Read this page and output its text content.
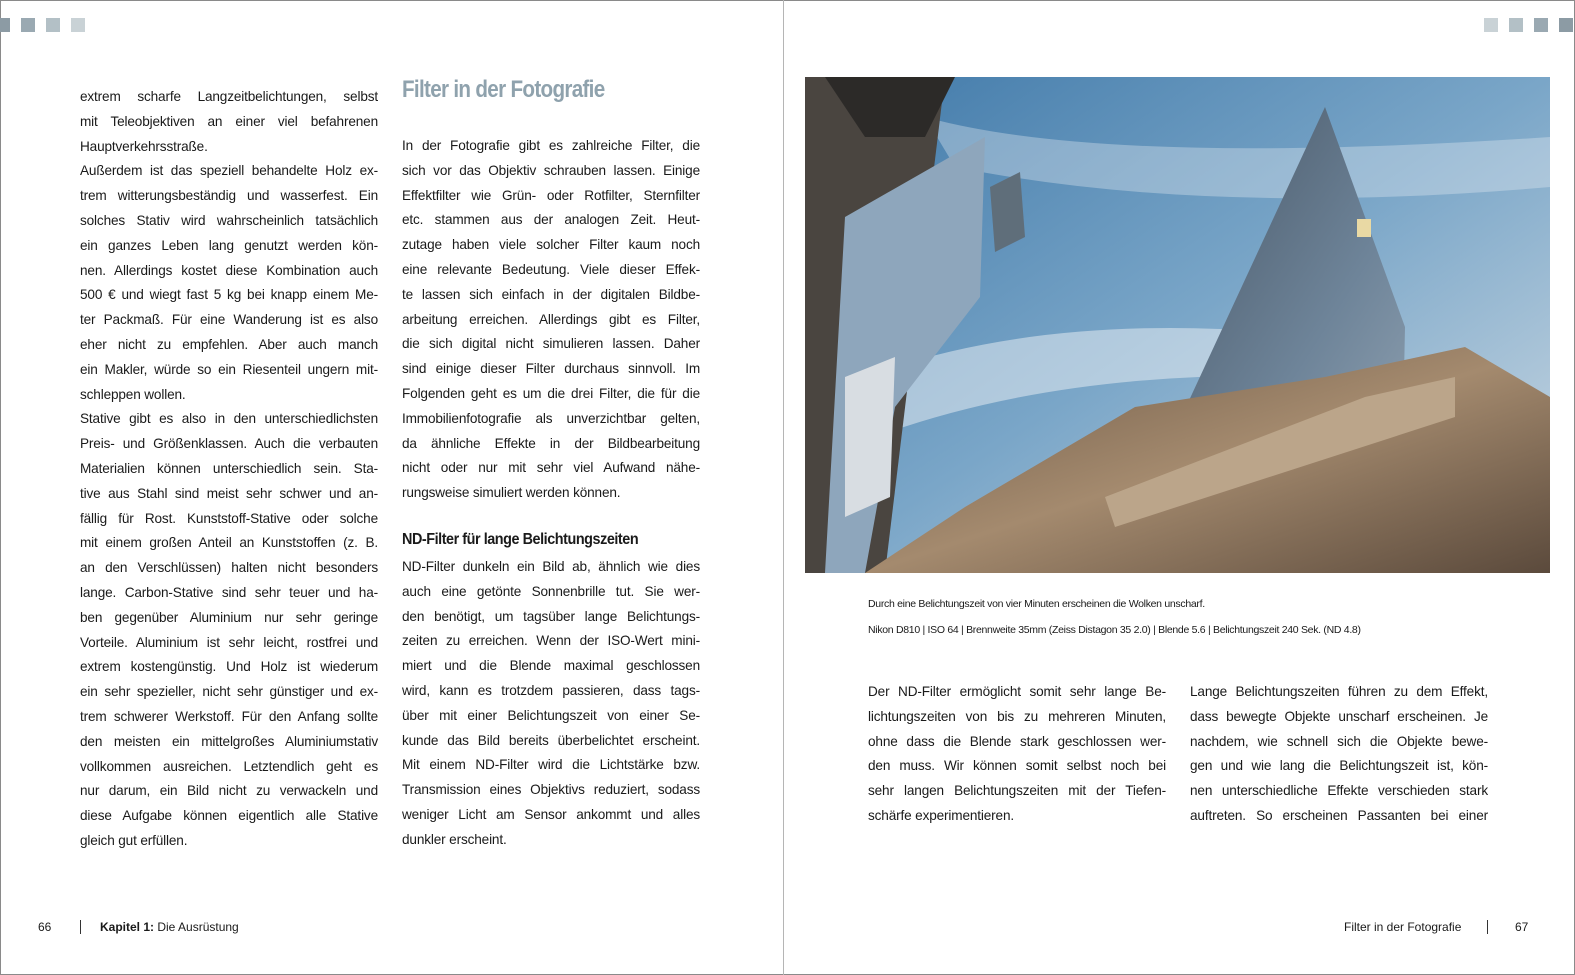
extrem scharfe Langzeitbelichtungen, selbst
mit Teleobjektiven an einer viel befahrenen
Hauptverkehrsstraße.
Außerdem ist das speziell behandelte Holz ex-
trem witterungsbeständig und wasserfest. Ein
solches Stativ wird wahrscheinlich tatsächlich
ein ganzes Leben lang genutzt werden kön-
nen. Allerdings kostet diese Kombination auch
500 € und wiegt fast 5 kg bei knapp einem Me-
ter Packmaß. Für eine Wanderung ist es also
eher nicht zu empfehlen. Aber auch manch
ein Makler, würde so ein Riesenteil ungern mit-
schleppen wollen.
Stative gibt es also in den unterschiedlichsten
Preis- und Größenklassen. Auch die verbauten
Materialien können unterschiedlich sein. Sta-
tive aus Stahl sind meist sehr schwer und an-
fällig für Rost. Kunststoff-Stative oder solche
mit einem großen Anteil an Kunststoffen (z. B.
an den Verschlüssen) halten nicht besonders
lange. Carbon-Stative sind sehr teuer und ha-
ben gegenüber Aluminium nur sehr geringe
Vorteile. Aluminium ist sehr leicht, rostfrei und
extrem kostengünstig. Und Holz ist wiederum
ein sehr spezieller, nicht sehr günstiger und ex-
trem schwerer Werkstoff. Für den Anfang sollte
den meisten ein mittelgroßes Aluminiumstativ
vollkommen ausreichen. Letztendlich geht es
nur darum, ein Bild nicht zu verwackeln und
diese Aufgabe können eigentlich alle Stative
gleich gut erfüllen.
Filter in der Fotografie
In der Fotografie gibt es zahlreiche Filter, die
sich vor das Objektiv schrauben lassen. Einige
Effektfilter wie Grün- oder Rotfilter, Sternfilter
etc. stammen aus der analogen Zeit. Heut-
zutage haben viele solcher Filter kaum noch
eine relevante Bedeutung. Viele dieser Effek-
te lassen sich einfach in der digitalen Bildbe-
arbeitung erreichen. Allerdings gibt es Filter,
die sich digital nicht simulieren lassen. Daher
sind einige dieser Filter durchaus sinnvoll. Im
Folgenden geht es um die drei Filter, die für die
Immobilienfotografie als unverzichtbar gelten,
da ähnliche Effekte in der Bildbearbeitung
nicht oder nur mit sehr viel Aufwand nähe-
rungsweise simuliert werden können.
ND-Filter für lange Belichtungszeiten
ND-Filter dunkeln ein Bild ab, ähnlich wie dies
auch eine getönte Sonnenbrille tut. Sie wer-
den benötigt, um tagsüber lange Belichtungs-
zeiten zu erreichen. Wenn der ISO-Wert mini-
miert und die Blende maximal geschlossen
wird, kann es trotzdem passieren, dass tags-
über mit einer Belichtungszeit von einer Se-
kunde das Bild bereits überbelichtet erscheint.
Mit einem ND-Filter wird die Lichtstärke bzw.
Transmission eines Objektivs reduziert, sodass
weniger Licht am Sensor ankommt und alles
dunkler erscheint.
66	Kapitel 1: Die Ausrüstung
Durch eine Belichtungszeit von vier Minuten erscheinen die Wolken unscharf.
Nikon D810 | ISO 64 | Brennweite 35mm (Zeiss Distagon 35 2.0) | Blende 5.6 | Belichtungszeit 240 Sek. (ND 4.8)
Der ND-Filter ermöglicht somit sehr lange Be-
lichtungszeiten von bis zu mehreren Minuten,
ohne dass die Blende stark geschlossen wer-
den muss. Wir können somit selbst noch bei
sehr langen Belichtungszeiten mit der Tiefen-
schärfe experimentieren.
Lange Belichtungszeiten führen zu dem Effekt,
dass bewegte Objekte unscharf erscheinen. Je
nachdem, wie schnell sich die Objekte bewe-
gen und wie lang die Belichtungszeit ist, kön-
nen unterschiedliche Effekte verschieden stark
auftreten. So erscheinen Passanten bei einer
Filter in der Fotografie	67
